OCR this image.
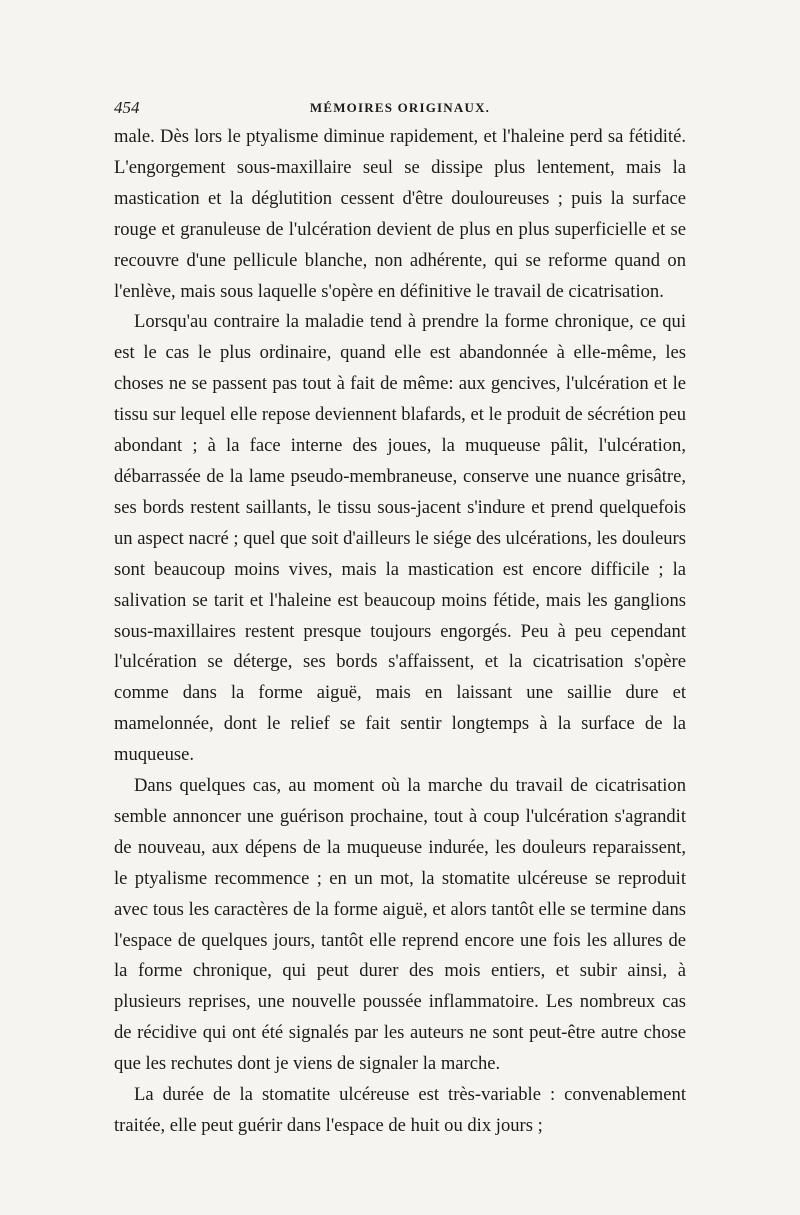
454	MÉMOIRES ORIGINAUX.

male. Dès lors le ptyalisme diminue rapidement, et l'haleine perd sa fétidité. L'engorgement sous-maxillaire seul se dissipe plus lentement, mais la mastication et la déglutition cessent d'être douloureuses ; puis la surface rouge et granuleuse de l'ulcération devient de plus en plus superficielle et se recouvre d'une pellicule blanche, non adhérente, qui se reforme quand on l'enlève, mais sous laquelle s'opère en définitive le travail de cicatrisation.

Lorsqu'au contraire la maladie tend à prendre la forme chronique, ce qui est le cas le plus ordinaire, quand elle est abandonnée à elle-même, les choses ne se passent pas tout à fait de même: aux gencives, l'ulcération et le tissu sur lequel elle repose deviennent blafards, et le produit de sécrétion peu abondant ; à la face interne des joues, la muqueuse pâlit, l'ulcération, débarrassée de la lame pseudo-membraneuse, conserve une nuance grisâtre, ses bords restent saillants, le tissu sous-jacent s'indure et prend quelquefois un aspect nacré ; quel que soit d'ailleurs le siége des ulcérations, les douleurs sont beaucoup moins vives, mais la mastication est encore difficile ; la salivation se tarit et l'haleine est beaucoup moins fétide, mais les ganglions sous-maxillaires restent presque toujours engorgés. Peu à peu cependant l'ulcération se déterge, ses bords s'affaissent, et la cicatrisation s'opère comme dans la forme aiguë, mais en laissant une saillie dure et mamelonnée, dont le relief se fait sentir longtemps à la surface de la muqueuse.

Dans quelques cas, au moment où la marche du travail de cicatrisation semble annoncer une guérison prochaine, tout à coup l'ulcération s'agrandit de nouveau, aux dépens de la muqueuse indurée, les douleurs reparaissent, le ptyalisme recommence ; en un mot, la stomatite ulcéreuse se reproduit avec tous les caractères de la forme aiguë, et alors tantôt elle se termine dans l'espace de quelques jours, tantôt elle reprend encore une fois les allures de la forme chronique, qui peut durer des mois entiers, et subir ainsi, à plusieurs reprises, une nouvelle poussée inflammatoire. Les nombreux cas de récidive qui ont été signalés par les auteurs ne sont peut-être autre chose que les rechutes dont je viens de signaler la marche.

La durée de la stomatite ulcéreuse est très-variable : convenablement traitée, elle peut guérir dans l'espace de huit ou dix jours ;
